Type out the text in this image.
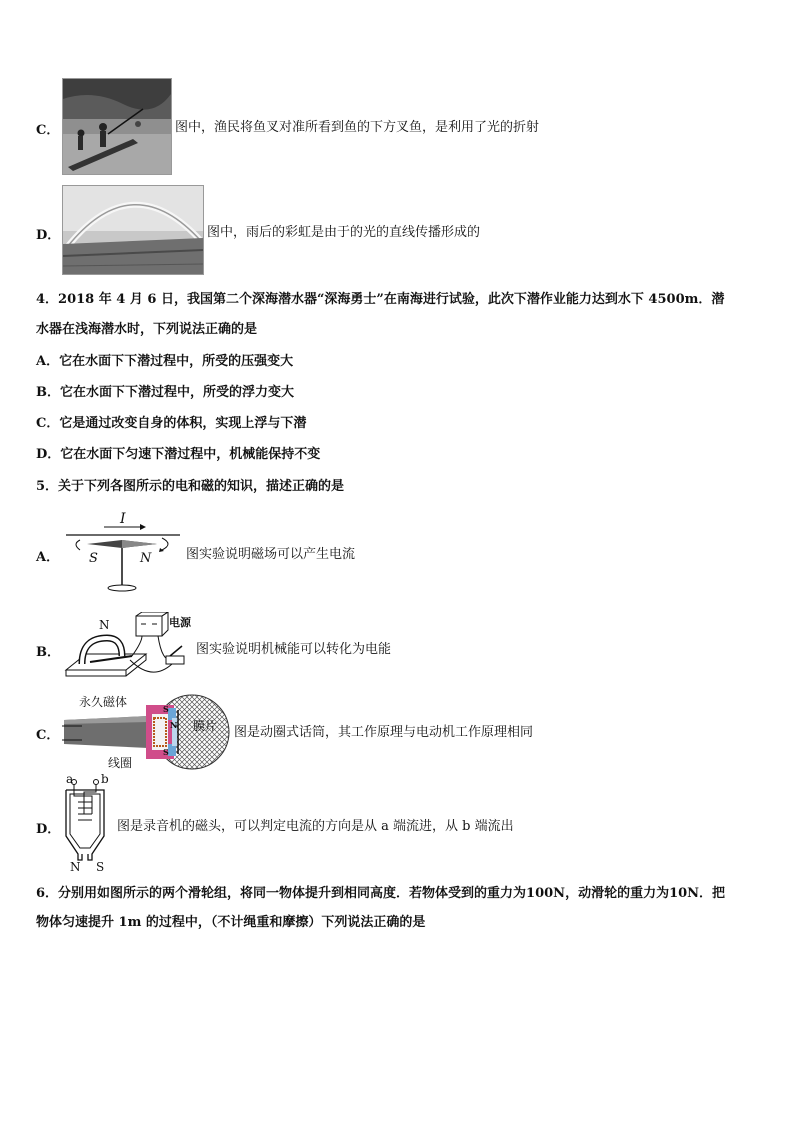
C．	图中，渔民将鱼叉对准所看到鱼的下方叉鱼，是利用了光的折射
D．	图中，雨后的彩虹是由于的光的直线传播形成的
4．2018 年 4 月 6 日，我国第二个深海潜水器“深海勇士”在南海进行试验，此次下潜作业能力达到水下 4500m．潜
水器在浅海潜水时，下列说法正确的是
A．它在水面下下潜过程中，所受的压强变大
B．它在水面下下潜过程中，所受的浮力变大
C．它是通过改变自身的体积，实现上浮与下潜
D．它在水面下匀速下潜过程中，机械能保持不变
5．关于下列各图所示的电和磁的知识，描述正确的是
A．
I
S	N	图实验说明磁场可以产生电流
B．
N	电源
图实验说明机械能可以转化为电能
C．
永久磁体
膜片
线圈
N
S
S
图是动圈式话筒，其工作原理与电动机工作原理相同
D．
a b
N S
图是录音机的磁头，可以判定电流的方向是从 a 端流进，从 b 端流出
6．分别用如图所示的两个滑轮组，将同一物体提升到相同高度．若物体受到的重力为100N，动滑轮的重力为10N．把
物体匀速提升 1m 的过程中，（不计绳重和摩擦）下列说法正确的是
